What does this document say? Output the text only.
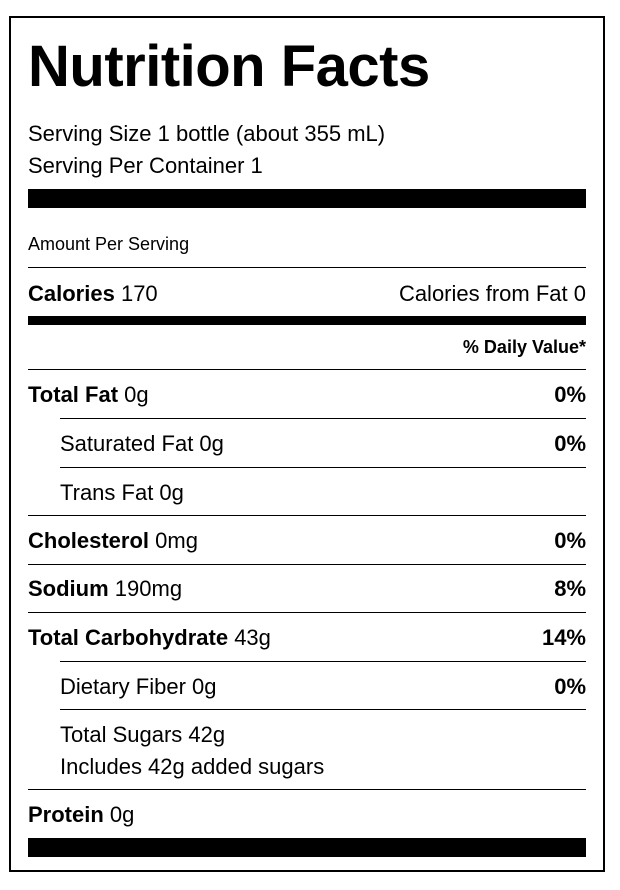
Nutrition Facts
Serving Size 1 bottle (about 355 mL)
Serving Per Container 1
Amount Per Serving
Calories 170	Calories from Fat 0
% Daily Value*
Total Fat 0g	0%
Saturated Fat 0g	0%
Trans Fat 0g
Cholesterol 0mg	0%
Sodium 190mg	8%
Total Carbohydrate 43g	14%
Dietary Fiber 0g	0%
Total Sugars 42g
Includes 42g added sugars
Protein 0g
